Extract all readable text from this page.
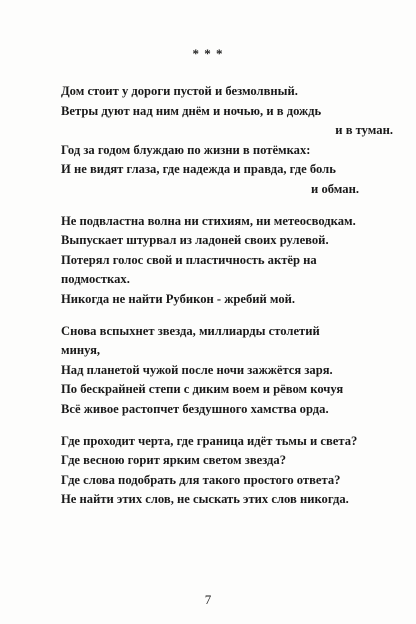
* * *
Дом стоит у дороги пустой и безмолвный.
Ветры дуют над ним днём и ночью, и в дождь
и в туман.
Год за годом блуждаю по жизни в потёмках:
И не видят глаза, где надежда и правда, где боль
и обман.
Не подвластна волна ни стихиям, ни метеосводкам.
Выпускает штурвал из ладоней своих рулевой.
Потерял голос свой и пластичность актёр на
подмостках.
Никогда не найти Рубикон - жребий мой.
Снова вспыхнет звезда, миллиарды столетий
минуя,
Над планетой чужой после ночи зажжётся заря.
По бескрайней степи с диким воем и рёвом кочуя
Всё живое растопчет бездушного хамства орда.
Где проходит черта, где граница идёт тьмы и света?
Где весною горит ярким светом звезда?
Где слова подобрать для такого простого ответа?
Не найти этих слов, не сыскать этих слов никогда.
7
